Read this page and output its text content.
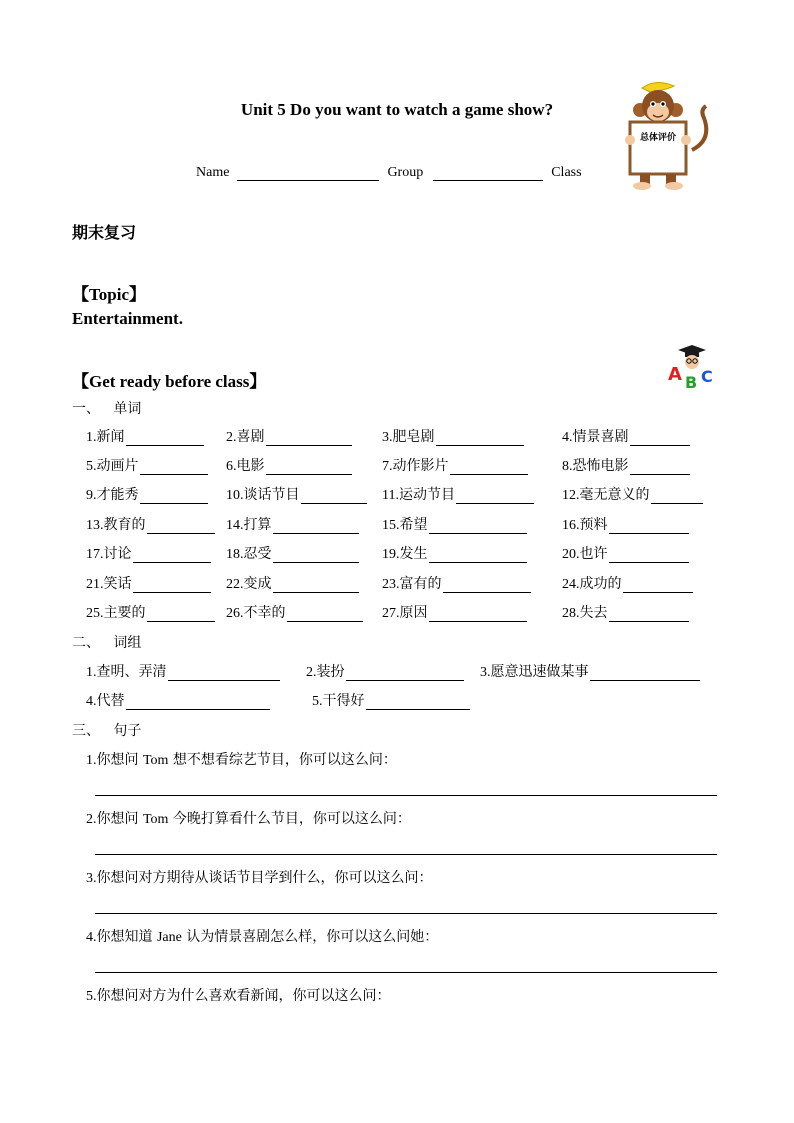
Unit 5 Do you want to watch a game show?
Name	Group	Class
总体评价
期末复习
【Topic】
Entertainment.
【Get ready before class】	A B C
一、   单词
1. 新闻	2. 喜剧	3. 肥皂剧	4. 情景喜剧
5. 动画片	6. 电影	7. 动作影片	8. 恐怖电影
9. 才能秀	10. 谈话节目	11. 运动节目	12. 毫无意义的
13. 教育的	14. 打算	15. 希望	16. 预料
17. 讨论	18. 忍受	19. 发生	20. 也许
21. 笑话	22. 变成	23. 富有的	24. 成功的
25. 主要的	26. 不幸的	27. 原因	28. 失去
二、   词组
1. 查明、弄清	2. 装扮	3. 愿意迅速做某事
4. 代替	5. 干得好
三、   句子
1.你想问 Tom 想不想看综艺节目，你可以这么问：
2.你想问 Tom 今晚打算看什么节目，你可以这么问：
3.你想问对方期待从谈话节目学到什么，你可以这么问：
4.你想知道 Jane 认为情景喜剧怎么样，你可以这么问她：
5.你想问对方为什么喜欢看新闻，你可以这么问：
